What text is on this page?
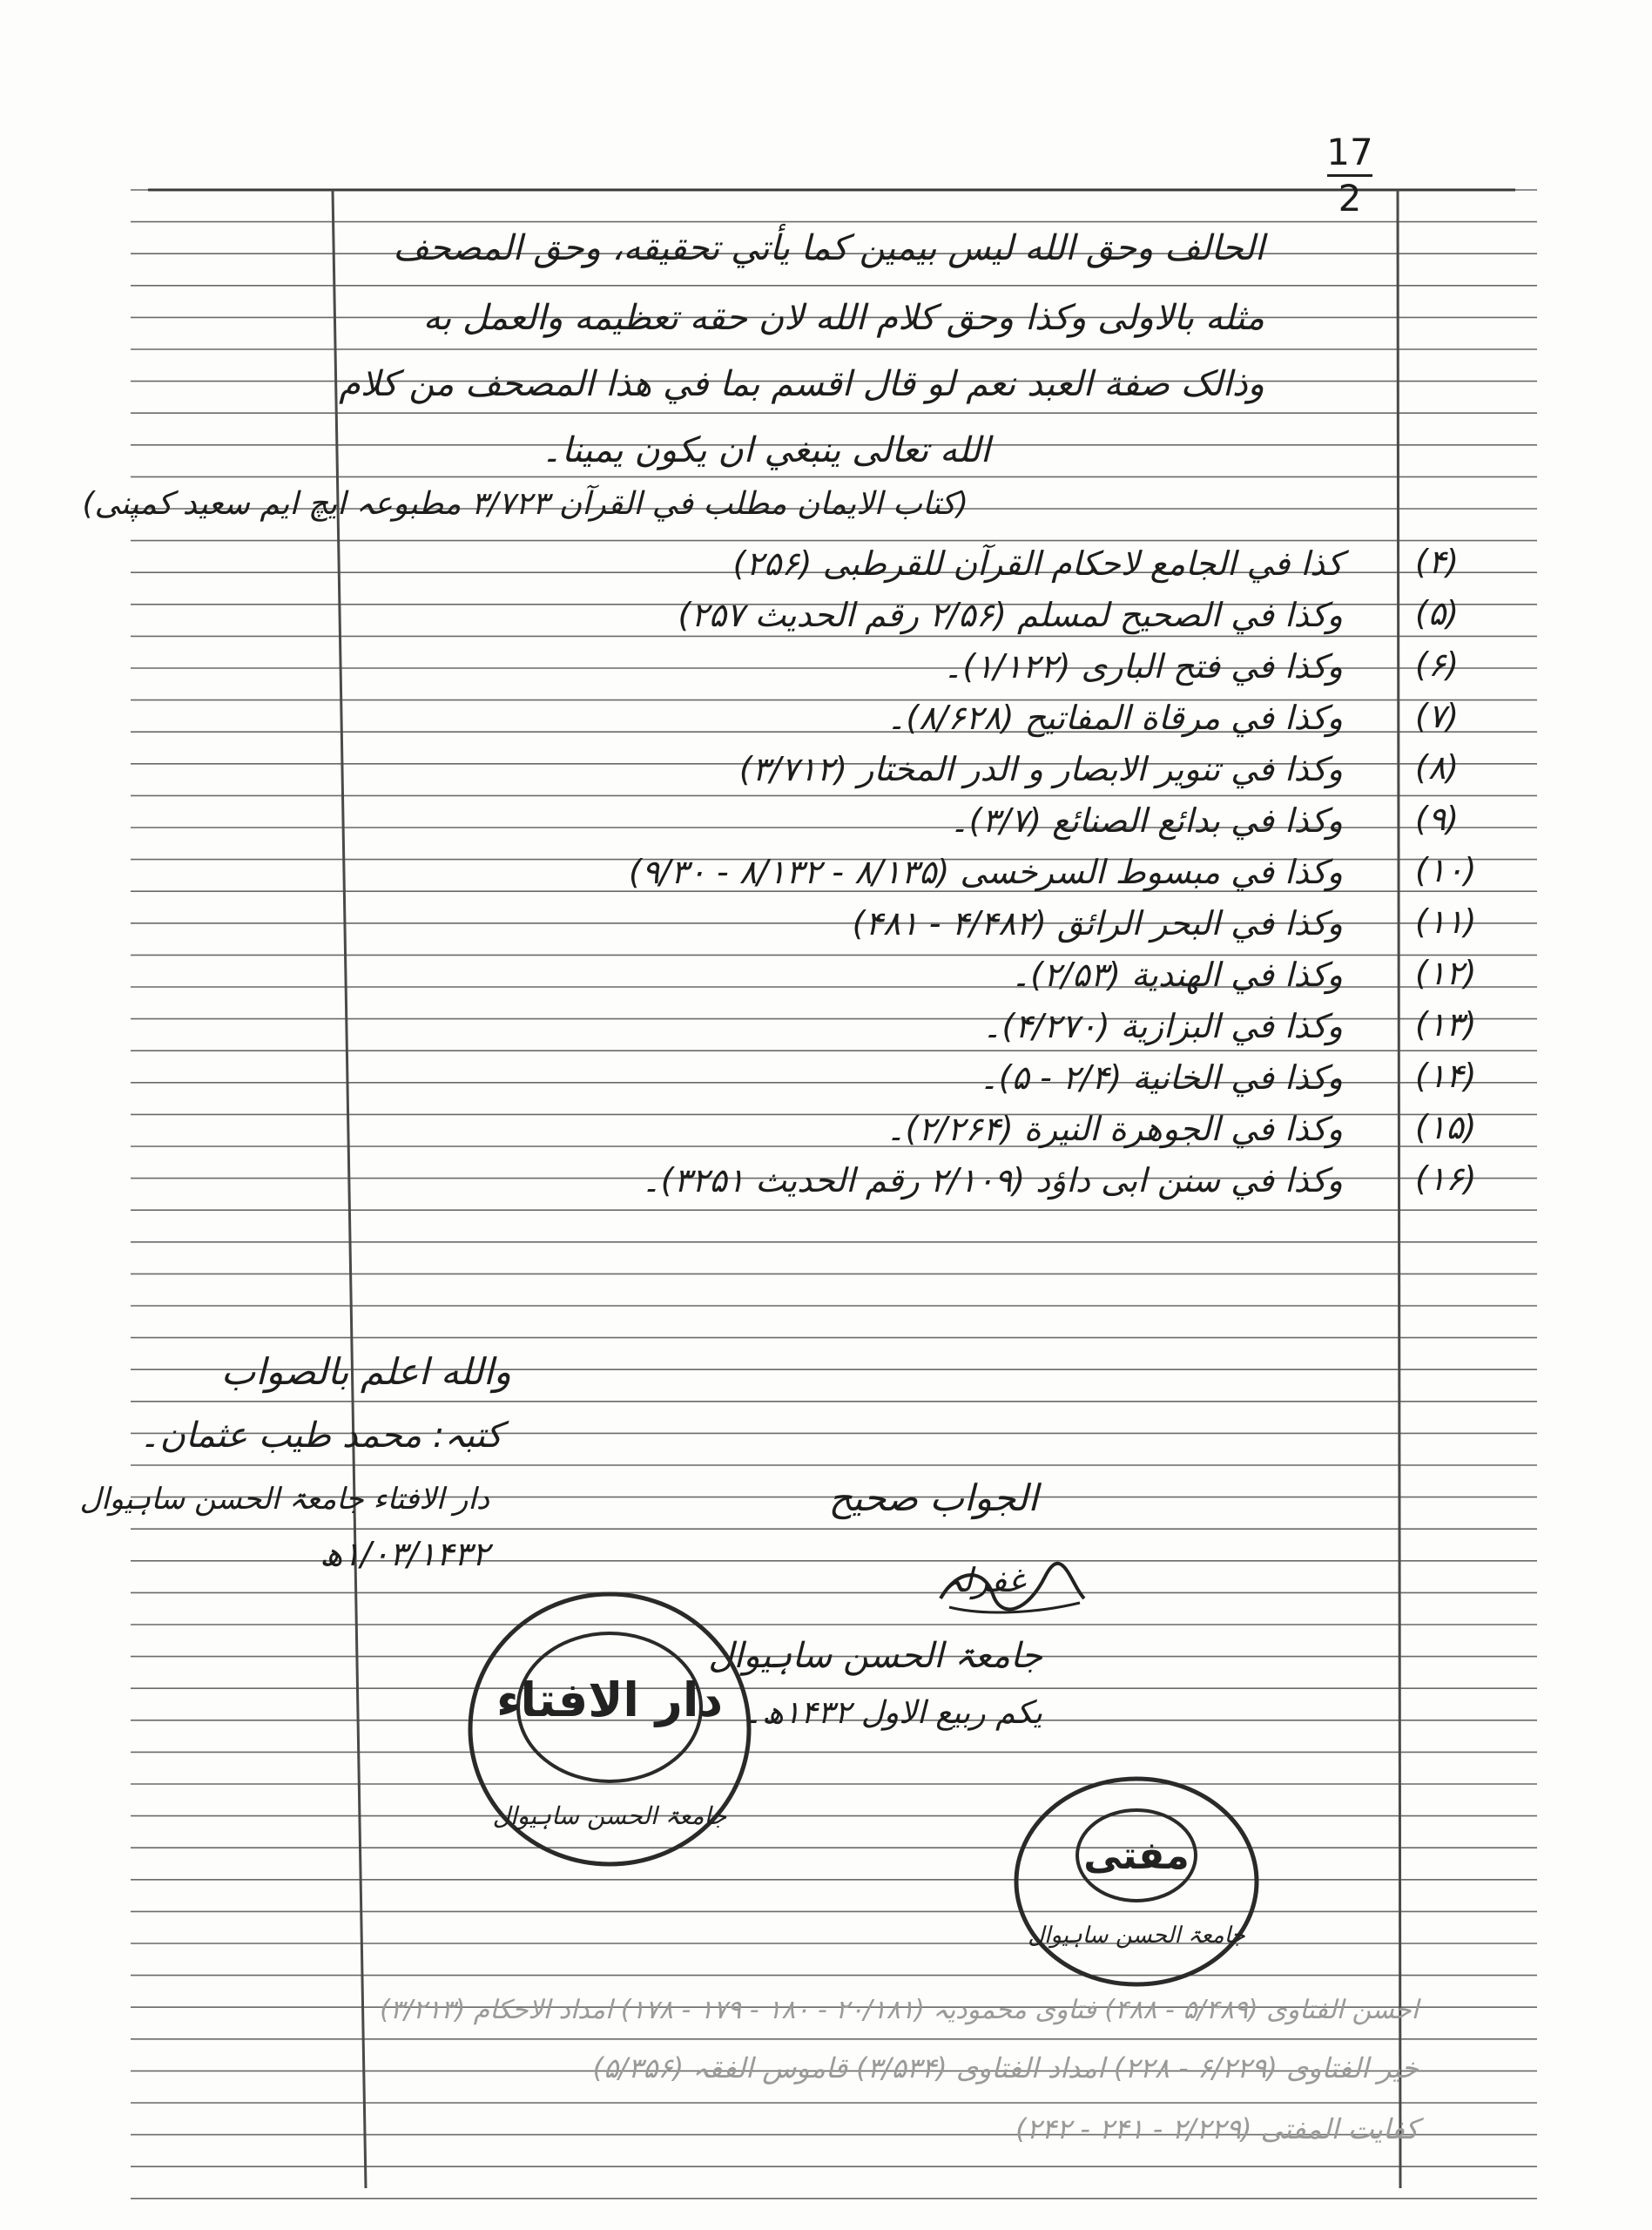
17
2
الحالف وحق الله ليس بيمين كما يأتي تحقيقه، وحق المصحف
مثله بالاولى وكذا وحق كلام الله لان حقه تعظيمه والعمل به
وذالک صفة العبد نعم لو قال اقسم بما في هذا المصحف من كلام
الله تعالى ينبغي ان يكون يمينا۔
(کتاب الایمان مطلب في القرآن ۳/۷۲۳ مطبوعہ ایچ ایم سعید کمپنی)
کذا في الجامع لاحکام القرآن للقرطبی (۲۵۶) (۴)
وکذا في الصحیح لمسلم (۲/۵۶ رقم الحدیث ۲۵۷) (۵)
وکذا في فتح الباری (۱/۱۲۲)۔ (۶)
وکذا في مرقاة المفاتیح (۸/۶۲۸)۔ (۷)
وکذا في تنویر الابصار و الدر المختار (۳/۷۱۲) (۸)
وکذا في بدائع الصنائع (۳/۷)۔ (۹)
وکذا في مبسوط السرخسی (۸/۱۳۵ - ۸/۱۳۲ - ۹/۳۰) (۱۰)
وکذا في البحر الرائق (۴/۴۸۲ - ۴۸۱) (۱۱)
وکذا في الهندیة (۲/۵۳)۔ (۱۲)
وکذا في البزازیة (۴/۲۷۰)۔ (۱۳)
وکذا في الخانیة (۲/۴ - ۵)۔ (۱۴)
وکذا في الجوهرة النیرة (۲/۲۶۴)۔ (۱۵)
وکذا في سنن ابی داؤد (۲/۱۰۹ رقم الحدیث ۳۲۵۱)۔ (۱۶)
والله اعلم بالصواب
کتبہ: محمد طیب عثمان۔
دار الافتاء جامعۃ الحسن ساہیوال
۱/۰۳/۱۴۳۲ھ
الجواب صحیح
غفرلہ
جامعۃ الحسن ساہیوال
یکم ربیع الاول ۱۴۳۲ھ۔
دار الافتاء
جامعۃ الحسن ساہیوال
مفتی
جامعۃ الحسن ساہیوال
احسن الفتاوی (۵/۴۸۹ - ۴۸۸) فتاوی محمودیہ (۲۰/۱۸۱ - ۱۸۰ - ۱۷۹ - ۱۷۸) امداد الاحکام (۳/۲۱۳)
خیر الفتاوی (۶/۲۲۹ - ۲۲۸) امداد الفتاوی (۳/۵۳۴) قاموس الفقہ (۵/۳۵۶)
کفایت المفتی (۲/۲۲۹ - ۲۴۱ - ۲۴۲)
